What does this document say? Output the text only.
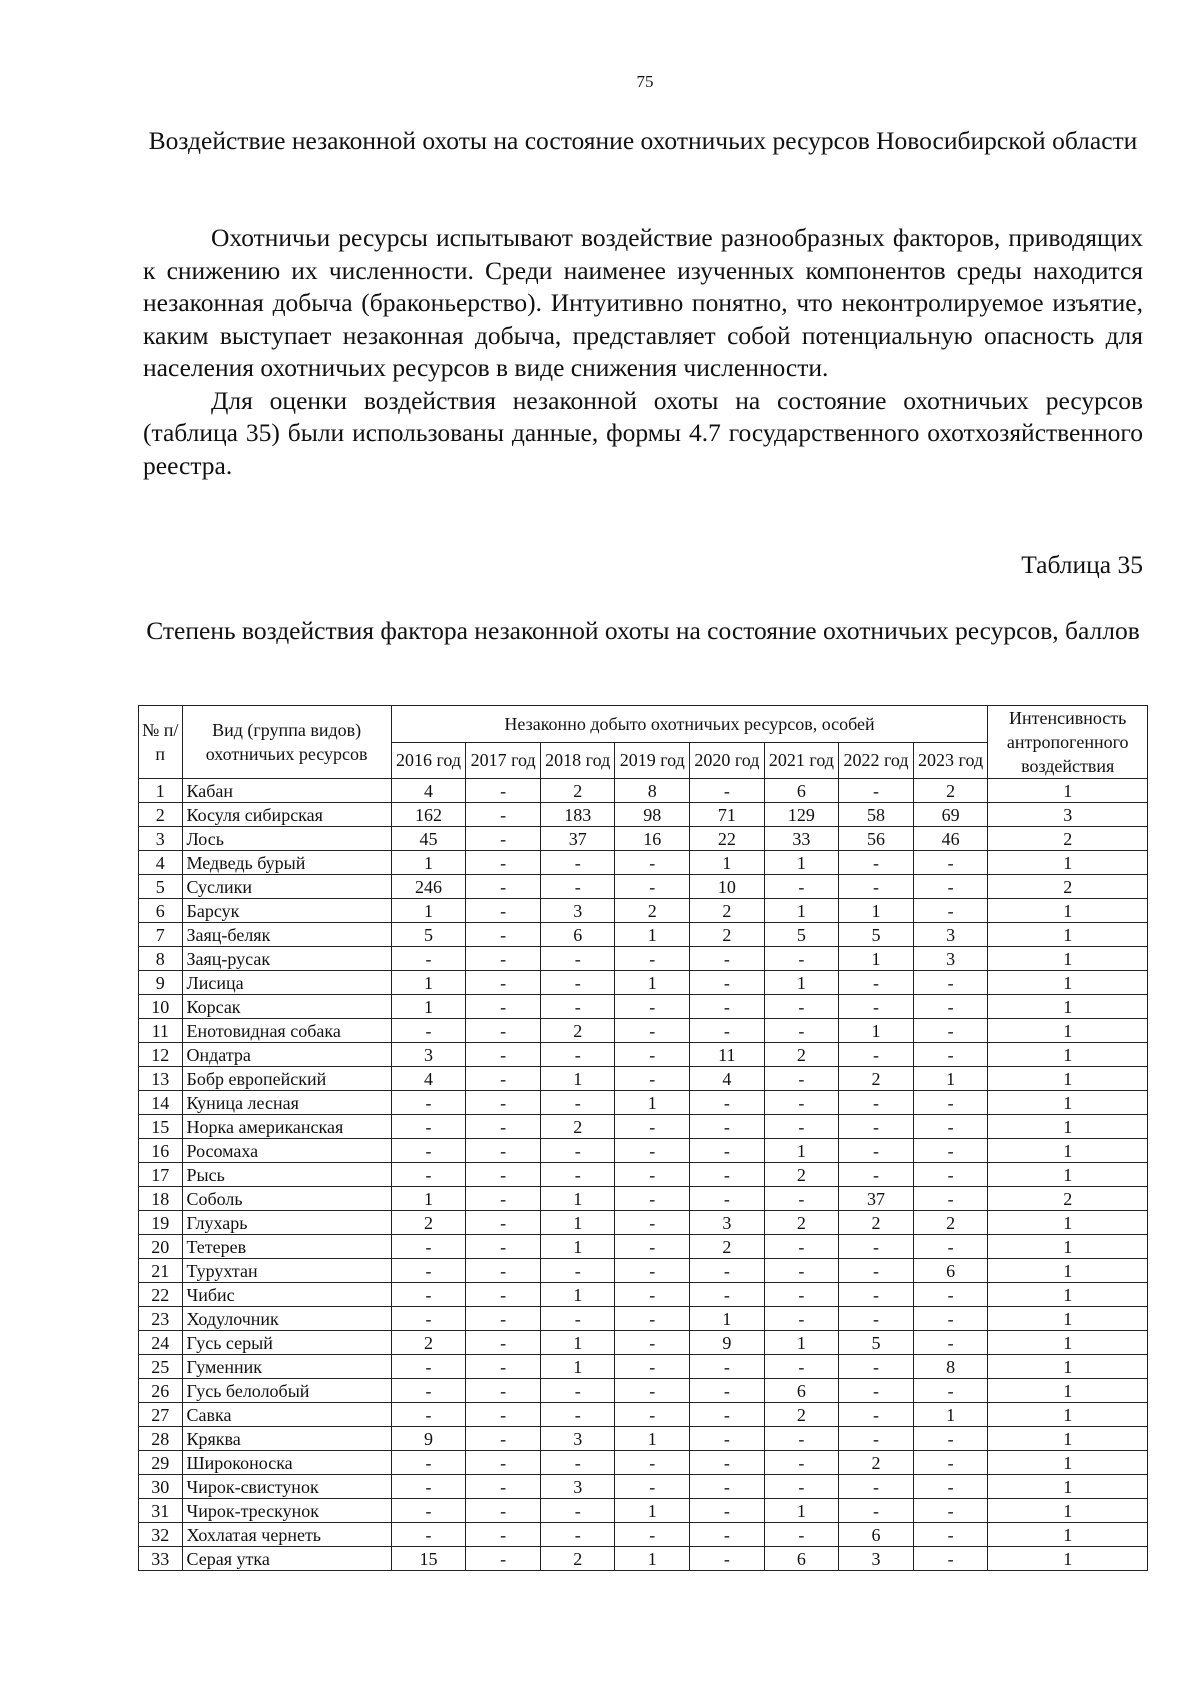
75
Воздействие незаконной охоты на состояние охотничьих ресурсов Новосибирской области

Охотничьи ресурсы испытывают воздействие разнообразных факторов, приводящих к снижению их численности. Среди наименее изученных компонентов среды находится незаконная добыча (браконьерство). Интуитивно понятно, что неконтролируемое изъятие, каким выступает незаконная добыча, представляет собой потенциальную опасность для населения охотничьих ресурсов в виде снижения численности.

Для оценки воздействия незаконной охоты на состояние охотничьих ресурсов (таблица 35) были использованы данные, формы 4.7 государственного охотхозяйственного реестра.

Таблица 35
Степень воздействия фактора незаконной охоты на состояние охотничьих ресурсов, баллов
№ п/п	Вид (группа видов) охотничьих ресурсов	Незаконно добыто охотничьих ресурсов, особей								Интенсивность антропогенного воздействия
		2016 год	2017 год	2018 год	2019 год	2020 год	2021 год	2022 год	2023 год	
1	Кабан	4	-	2	8	-	6	-	2	1
2	Косуля сибирская	162	-	183	98	71	129	58	69	3
3	Лось	45	-	37	16	22	33	56	46	2
4	Медведь бурый	1	-	-	-	1	1	-	-	1
5	Суслики	246	-	-	-	10	-	-	-	2
6	Барсук	1	-	3	2	2	1	1	-	1
7	Заяц-беляк	5	-	6	1	2	5	5	3	1
8	Заяц-русак	-	-	-	-	-	-	1	3	1
9	Лисица	1	-	-	1	-	1	-	-	1
10	Корсак	1	-	-	-	-	-	-	-	1
11	Енотовидная собака	-	-	2	-	-	-	1	-	1
12	Ондатра	3	-	-	-	11	2	-	-	1
13	Бобр европейский	4	-	1	-	4	-	2	1	1
14	Куница лесная	-	-	-	1	-	-	-	-	1
15	Норка американская	-	-	2	-	-	-	-	-	1
16	Росомаха	-	-	-	-	-	1	-	-	1
17	Рысь	-	-	-	-	-	2	-	-	1
18	Соболь	1	-	1	-	-	-	37	-	2
19	Глухарь	2	-	1	-	3	2	2	2	1
20	Тетерев	-	-	1	-	2	-	-	-	1
21	Турухтан	-	-	-	-	-	-	-	6	1
22	Чибис	-	-	1	-	-	-	-	-	1
23	Ходулочник	-	-	-	-	1	-	-	-	1
24	Гусь серый	2	-	1	-	9	1	5	-	1
25	Гуменник	-	-	1	-	-	-	-	8	1
26	Гусь белолобый	-	-	-	-	-	6	-	-	1
27	Савка	-	-	-	-	-	2	-	1	1
28	Кряква	9	-	3	1	-	-	-	-	1
29	Широконоска	-	-	-	-	-	-	2	-	1
30	Чирок-свистунок	-	-	3	-	-	-	-	-	1
31	Чирок-трескунок	-	-	-	1	-	1	-	-	1
32	Хохлатая чернеть	-	-	-	-	-	-	6	-	1
33	Серая утка	15	-	2	1	-	6	3	-	1
